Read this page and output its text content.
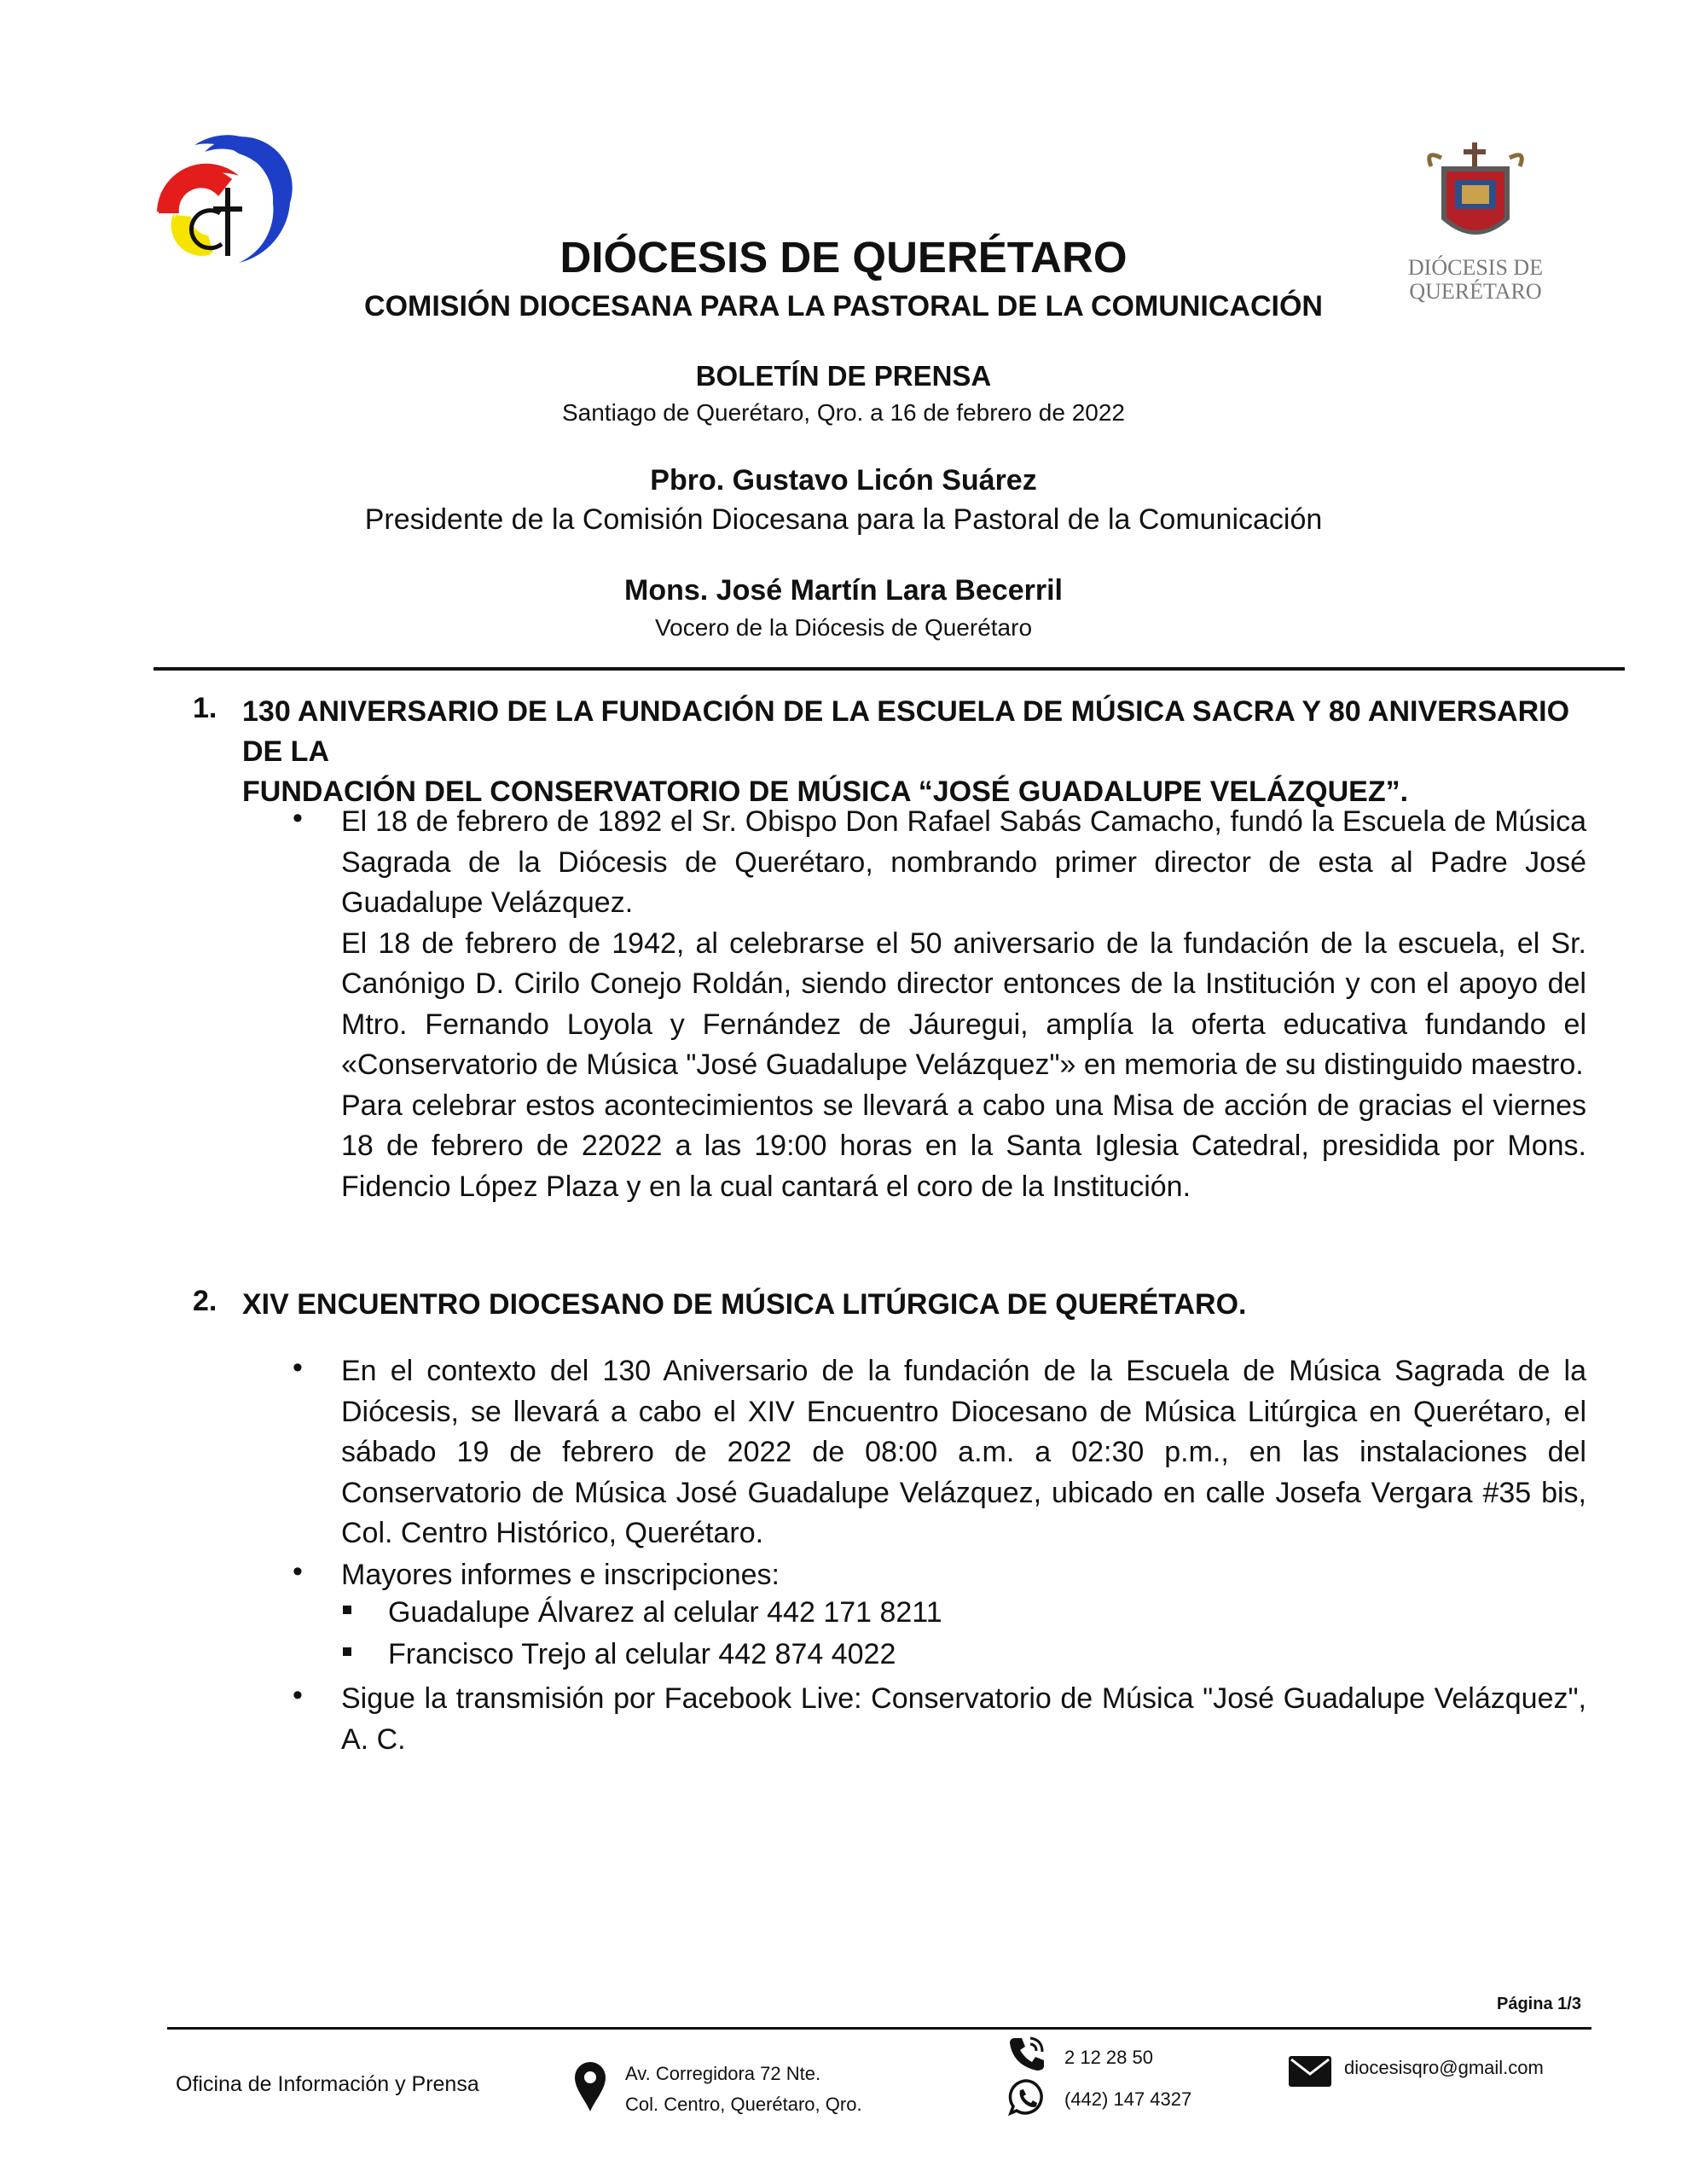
DIÓCESIS DE
QUERÉTARO
DIÓCESIS DE QUERÉTARO
COMISIÓN DIOCESANA PARA LA PASTORAL DE LA COMUNICACIÓN
BOLETÍN DE PRENSA
Santiago de Querétaro, Qro. a 16 de febrero de 2022
Pbro. Gustavo Licón Suárez
Presidente de la Comisión Diocesana para la Pastoral de la Comunicación
Mons. José Martín Lara Becerril
Vocero de la Diócesis de Querétaro
1. 130 ANIVERSARIO DE LA FUNDACIÓN DE LA ESCUELA DE MÚSICA SACRA Y 80 ANIVERSARIO DE LA
FUNDACIÓN DEL CONSERVATORIO DE MÚSICA “JOSÉ GUADALUPE VELÁZQUEZ”.
• El 18 de febrero de 1892 el Sr. Obispo Don Rafael Sabás Camacho, fundó la Escuela de Música Sagrada de la Diócesis de Querétaro, nombrando primer director de esta al Padre José Guadalupe Velázquez.

El 18 de febrero de 1942, al celebrarse el 50 aniversario de la fundación de la escuela, el Sr. Canónigo D. Cirilo Conejo Roldán, siendo director entonces de la Institución y con el apoyo del Mtro. Fernando Loyola y Fernández de Jáuregui, amplía la oferta educativa fundando el «Conservatorio de Música "José Guadalupe Velázquez"» en memoria de su distinguido maestro.

Para celebrar estos acontecimientos se llevará a cabo una Misa de acción de gracias el viernes 18 de febrero de 22022 a las 19:00 horas en la Santa Iglesia Catedral, presidida por Mons. Fidencio López Plaza y en la cual cantará el coro de la Institución.

2. XIV ENCUENTRO DIOCESANO DE MÚSICA LITÚRGICA DE QUERÉTARO.
• En el contexto del 130 Aniversario de la fundación de la Escuela de Música Sagrada de la Diócesis, se llevará a cabo el XIV Encuentro Diocesano de Música Litúrgica en Querétaro, el sábado 19 de febrero de 2022 de 08:00 a.m. a 02:30 p.m., en las instalaciones del Conservatorio de Música José Guadalupe Velázquez, ubicado en calle Josefa Vergara #35 bis, Col. Centro Histórico, Querétaro.
• Mayores informes e inscripciones:
Guadalupe Álvarez al celular 442 171 8211
Francisco Trejo al celular 442 874 4022
• Sigue la transmisión por Facebook Live: Conservatorio de Música "José Guadalupe Velázquez", A. C.
Página 1/3
Oficina de Información y Prensa	Av. Corregidora 72 Nte.
Col. Centro, Querétaro, Qro.
2 12 28 50
(442) 147 4327
diocesisqro@gmail.com
